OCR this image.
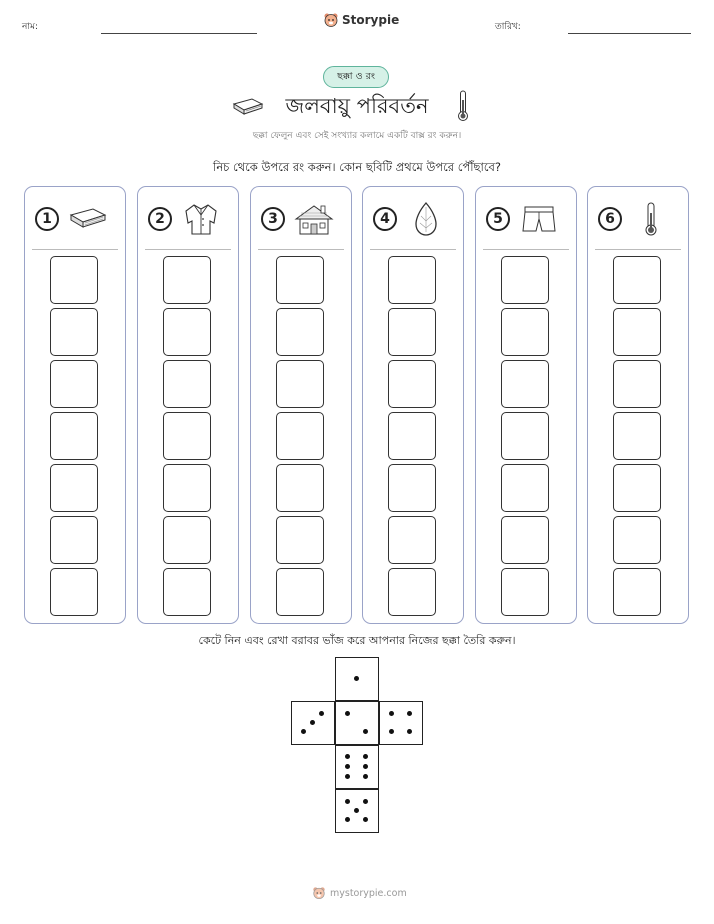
নাম:	Storypie	তারিখ:
ছক্কা ও রং
জলবায়ু পরিবর্তন
ছক্কা ফেলুন এবং সেই সংখ্যার কলামে একটি বাক্স রং করুন।
নিচ থেকে উপরে রং করুন। কোন ছবিটি প্রথমে উপরে পৌঁছাবে?
1	2	3	4	5	6
কেটে নিন এবং রেখা বরাবর ভাঁজ করে আপনার নিজের ছক্কা তৈরি করুন।
mystorypie.com
